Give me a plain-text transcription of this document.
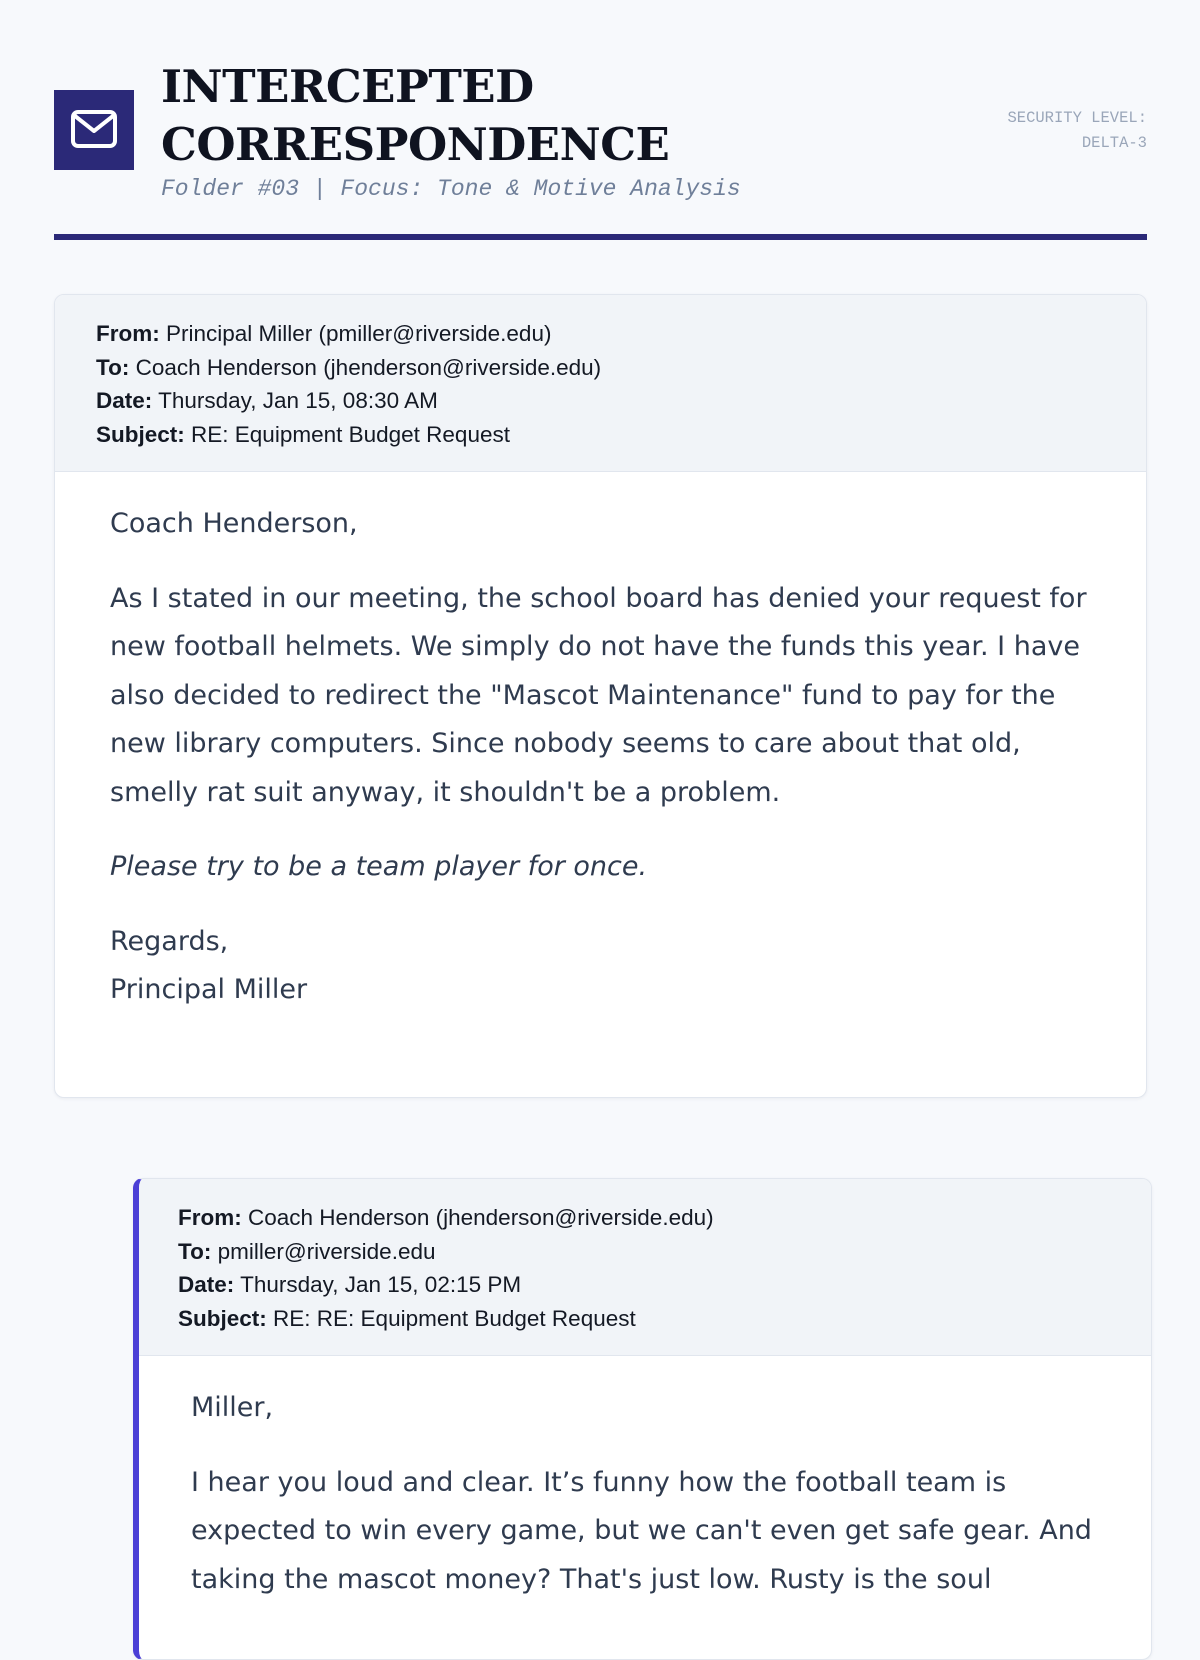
INTERCEPTED
CORRESPONDENCE
Folder #03 | Focus: Tone & Motive Analysis
SECURITY LEVEL:
DELTA-3
From: Principal Miller (pmiller@riverside.edu)
To: Coach Henderson (jhenderson@riverside.edu)
Date: Thursday, Jan 15, 08:30 AM
Subject: RE: Equipment Budget Request

Coach Henderson,

As I stated in our meeting, the school board has denied your request for new football helmets. We simply do not have the funds this year. I have also decided to redirect the "Mascot Maintenance" fund to pay for the new library computers. Since nobody seems to care about that old, smelly rat suit anyway, it shouldn't be a problem.

Please try to be a team player for once.

Regards,
Principal Miller

From: Coach Henderson (jhenderson@riverside.edu)
To: pmiller@riverside.edu
Date: Thursday, Jan 15, 02:15 PM
Subject: RE: RE: Equipment Budget Request

Miller,

I hear you loud and clear. It’s funny how the football team is expected to win every game, but we can't even get safe gear. And taking the mascot money? That's just low. Rusty is the soul
